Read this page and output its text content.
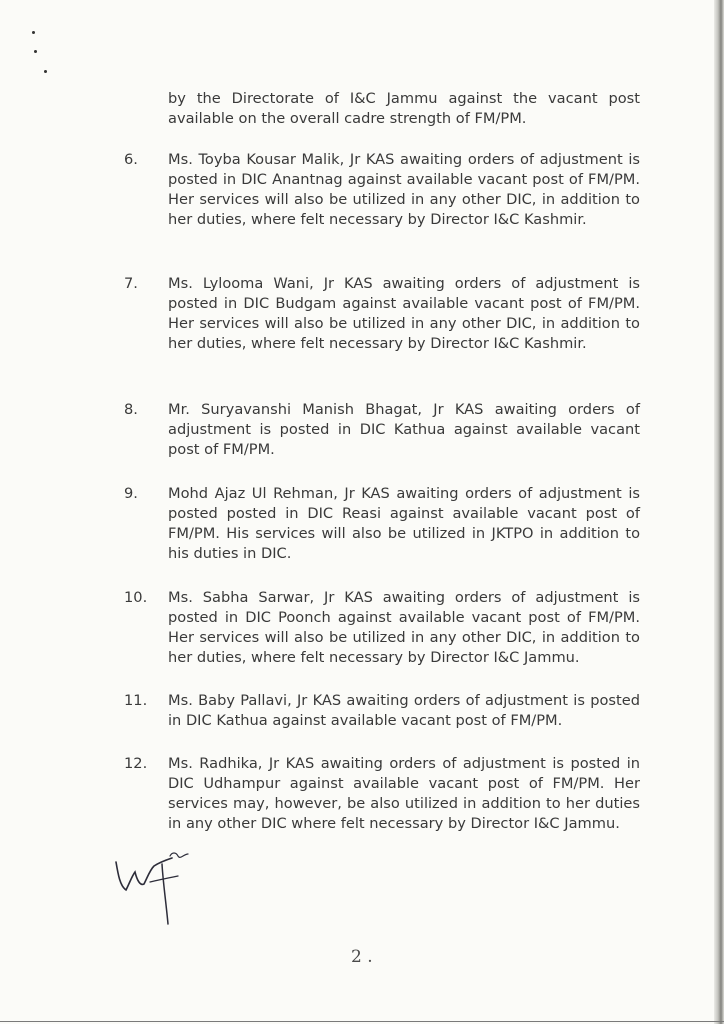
by the Directorate of I&C Jammu against the vacant post available on the overall cadre strength of FM/PM.
6.	Ms. Toyba Kousar Malik, Jr KAS awaiting orders of adjustment is posted in DIC Anantnag against available vacant post of FM/PM. Her services will also be utilized in any other DIC, in addition to her duties, where felt necessary by Director I&C Kashmir.
7.	Ms. Lylooma Wani, Jr KAS awaiting orders of adjustment is posted in DIC Budgam against available vacant post of FM/PM. Her services will also be utilized in any other DIC, in addition to her duties, where felt necessary by Director I&C Kashmir.
8.	Mr. Suryavanshi Manish Bhagat, Jr KAS awaiting orders of adjustment is posted in DIC Kathua against available vacant post of FM/PM.
9.	Mohd Ajaz Ul Rehman, Jr KAS awaiting orders of adjustment is posted posted in DIC Reasi against available vacant post of FM/PM. His services will also be utilized in JKTPO in addition to his duties in DIC.
10.	Ms. Sabha Sarwar, Jr KAS awaiting orders of adjustment is posted in DIC Poonch against available vacant post of FM/PM. Her services will also be utilized in any other DIC, in addition to her duties, where felt necessary by Director I&C Jammu.
11.	Ms. Baby Pallavi, Jr KAS awaiting orders of adjustment is posted in DIC Kathua against available vacant post of FM/PM.
12.	Ms. Radhika, Jr KAS awaiting orders of adjustment is posted in DIC Udhampur against available vacant post of FM/PM. Her services may, however, be also utilized in addition to her duties in any other DIC where felt necessary by Director I&C Jammu.
2 .
